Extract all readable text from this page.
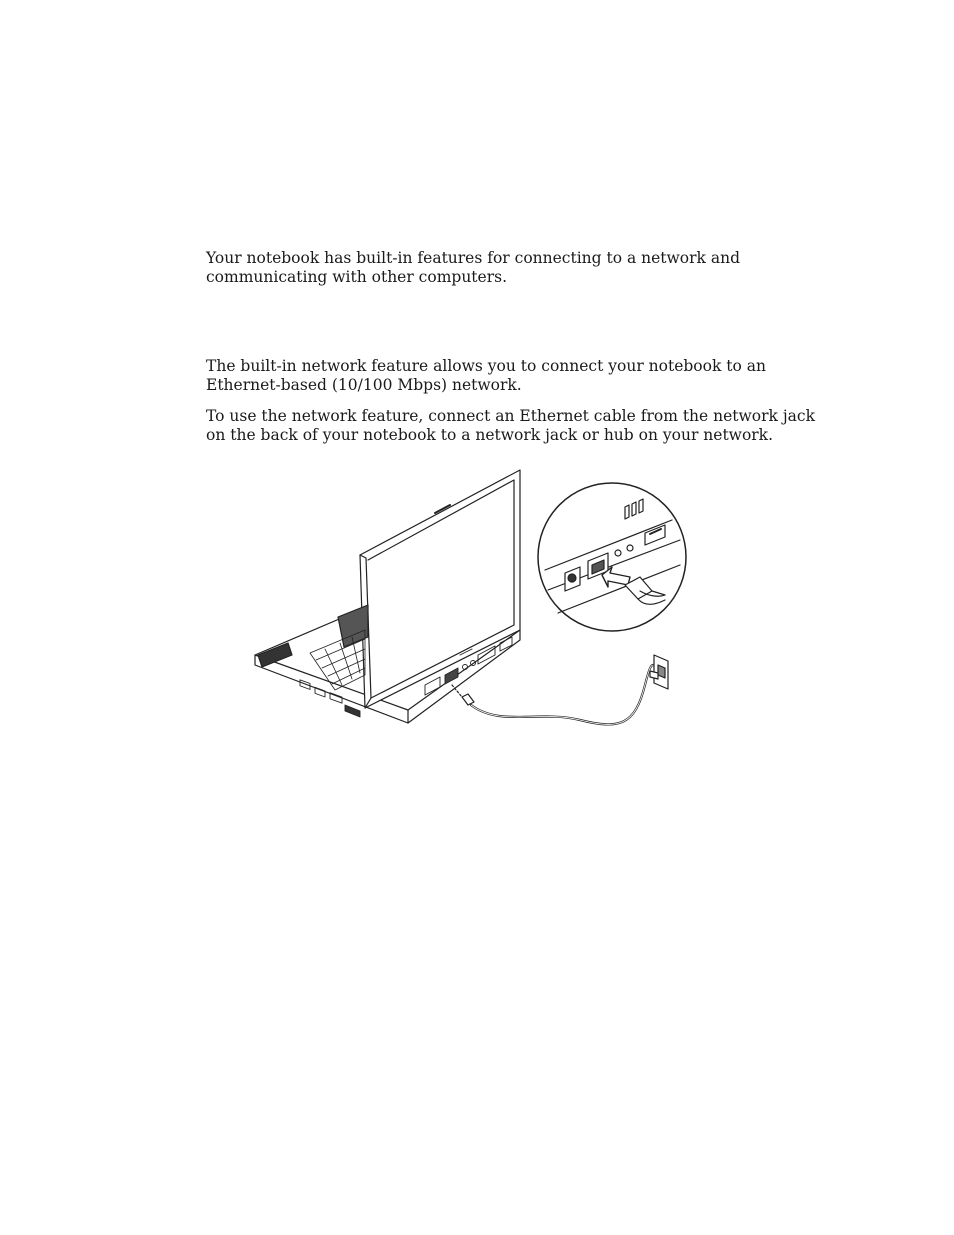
Your notebook has built-in features for connecting to a network and
communicating with other computers.

The built-in network feature allows you to connect your notebook to an
Ethernet-based (10/100 Mbps) network.

To use the network feature, connect an Ethernet cable from the network jack
on the back of your notebook to a network jack or hub on your network.
